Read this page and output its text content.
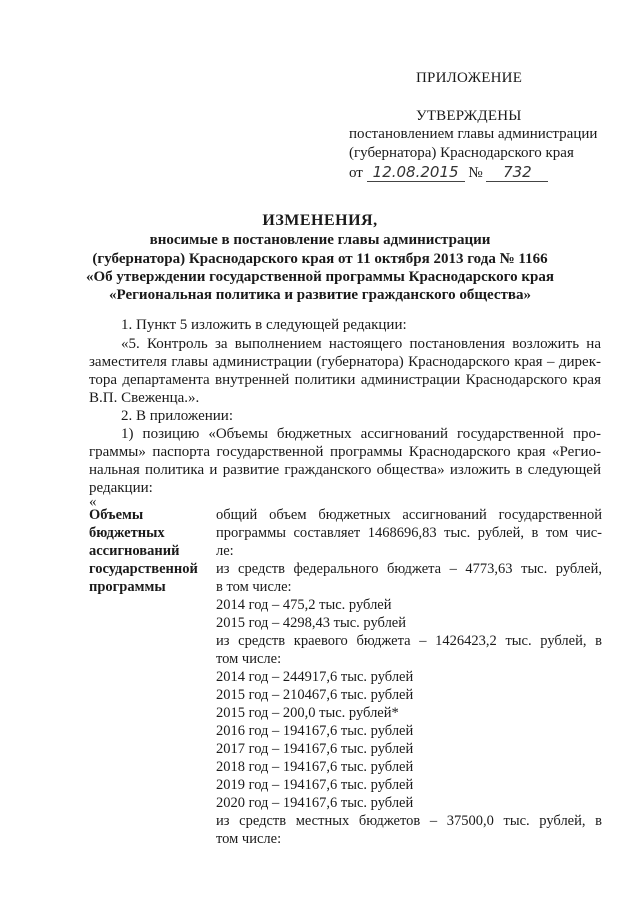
ПРИЛОЖЕНИЕ
УТВЕРЖДЕНЫ
постановлением главы администрации
(губернатора) Краснодарского края
от 12.08.2015 № 732
ИЗМЕНЕНИЯ,
вносимые в постановление главы администрации
(губернатора) Краснодарского края от 11 октября 2013 года № 1166
«Об утверждении государственной программы Краснодарского края
«Региональная политика и развитие гражданского общества»
1. Пункт 5 изложить в следующей редакции:
«5. Контроль за выполнением настоящего постановления возложить на
заместителя главы администрации (губернатора) Краснодарского края – дирек-
тора департамента внутренней политики администрации Краснодарского края
В.П. Свеженца.».
2. В приложении:
1) позицию «Объемы бюджетных ассигнований государственной про-
граммы» паспорта государственной программы Краснодарского края «Регио-
нальная политика и развитие гражданского общества» изложить в следующей
редакции:
«
Объемы
бюджетных
ассигнований
государственной
программы
общий объем бюджетных ассигнований государственной
программы составляет 1468696,83 тыс. рублей, в том чис-
ле:
из средств федерального бюджета – 4773,63 тыс. рублей,
в том числе:
2014 год – 475,2 тыс. рублей
2015 год – 4298,43 тыс. рублей
из средств краевого бюджета – 1426423,2 тыс. рублей, в
том числе:
2014 год – 244917,6 тыс. рублей
2015 год – 210467,6 тыс. рублей
2015 год – 200,0 тыс. рублей*
2016 год – 194167,6 тыс. рублей
2017 год – 194167,6 тыс. рублей
2018 год – 194167,6 тыс. рублей
2019 год – 194167,6 тыс. рублей
2020 год – 194167,6 тыс. рублей
из средств местных бюджетов – 37500,0 тыс. рублей, в
том числе:
